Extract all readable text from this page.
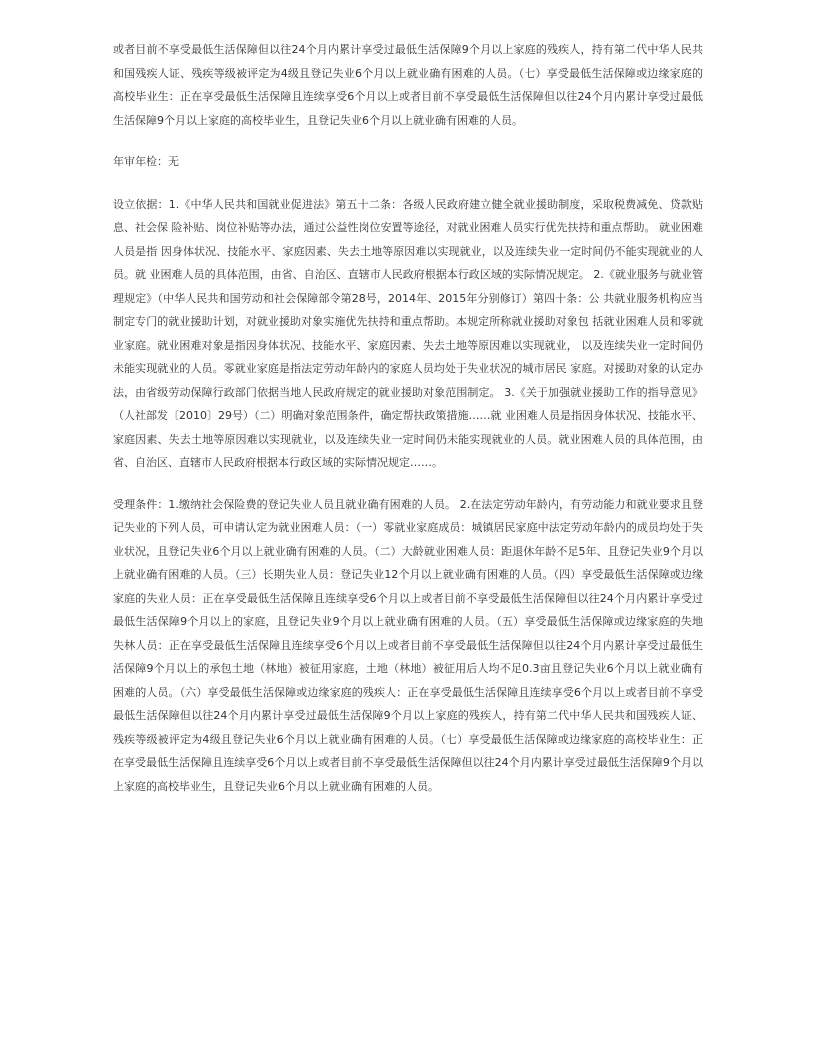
或者目前不享受最低生活保障但以往24个月内累计享受过最低生活保障9个月以上家庭的残疾人，持有第二代中华人民共和国残疾人证、残疾等级被评定为4级且登记失业6个月以上就业确有困难的人员。（七）享受最低生活保障或边缘家庭的高校毕业生：正在享受最低生活保障且连续享受6个月以上或者目前不享受最低生活保障但以往24个月内累计享受过最低生活保障9个月以上家庭的高校毕业生，且登记失业6个月以上就业确有困难的人员。

年审年检：无

设立依据：1.《中华人民共和国就业促进法》第五十二条：各级人民政府建立健全就业援助制度，采取税费减免、贷款贴息、社会保 险补贴、岗位补贴等办法，通过公益性岗位安置等途径，对就业困难人员实行优先扶持和重点帮助。 就业困难人员是指 因身体状况、技能水平、家庭因素、失去土地等原因难以实现就业，以及连续失业一定时间仍不能实现就业的人员。就 业困难人员的具体范围，由省、自治区、直辖市人民政府根据本行政区域的实际情况规定。 2.《就业服务与就业管理规定》（中华人民共和国劳动和社会保障部令第28号，2014年、2015年分别修订）第四十条：公 共就业服务机构应当制定专门的就业援助计划，对就业援助对象实施优先扶持和重点帮助。本规定所称就业援助对象包 括就业困难人员和零就业家庭。就业困难对象是指因身体状况、技能水平、家庭因素、失去土地等原因难以实现就业， 以及连续失业一定时间仍未能实现就业的人员。零就业家庭是指法定劳动年龄内的家庭人员均处于失业状况的城市居民 家庭。对援助对象的认定办法，由省级劳动保障行政部门依据当地人民政府规定的就业援助对象范围制定。 3.《关于加强就业援助工作的指导意见》（人社部发〔2010〕29号）（二）明确对象范围条件，确定帮扶政策措施……就 业困难人员是指因身体状况、技能水平、家庭因素、失去土地等原因难以实现就业，以及连续失业一定时间仍未能实现就业的人员。就业困难人员的具体范围，由省、自治区、直辖市人民政府根据本行政区域的实际情况规定……。

受理条件：1.缴纳社会保险费的登记失业人员且就业确有困难的人员。 2.在法定劳动年龄内，有劳动能力和就业要求且登记失业的下列人员，可申请认定为就业困难人员：（一）零就业家庭成员：城镇居民家庭中法定劳动年龄内的成员均处于失业状况，且登记失业6个月以上就业确有困难的人员。（二）大龄就业困难人员：距退休年龄不足5年、且登记失业9个月以上就业确有困难的人员。（三）长期失业人员：登记失业12个月以上就业确有困难的人员。（四）享受最低生活保障或边缘家庭的失业人员：正在享受最低生活保障且连续享受6个月以上或者目前不享受最低生活保障但以往24个月内累计享受过最低生活保障9个月以上的家庭，且登记失业9个月以上就业确有困难的人员。（五）享受最低生活保障或边缘家庭的失地失林人员：正在享受最低生活保障且连续享受6个月以上或者目前不享受最低生活保障但以往24个月内累计享受过最低生活保障9个月以上的承包土地（林地）被征用家庭，土地（林地）被征用后人均不足0.3亩且登记失业6个月以上就业确有困难的人员。（六）享受最低生活保障或边缘家庭的残疾人：正在享受最低生活保障且连续享受6个月以上或者目前不享受最低生活保障但以往24个月内累计享受过最低生活保障9个月以上家庭的残疾人，持有第二代中华人民共和国残疾人证、残疾等级被评定为4级且登记失业6个月以上就业确有困难的人员。（七）享受最低生活保障或边缘家庭的高校毕业生：正在享受最低生活保障且连续享受6个月以上或者目前不享受最低生活保障但以往24个月内累计享受过最低生活保障9个月以上家庭的高校毕业生，且登记失业6个月以上就业确有困难的人员。
